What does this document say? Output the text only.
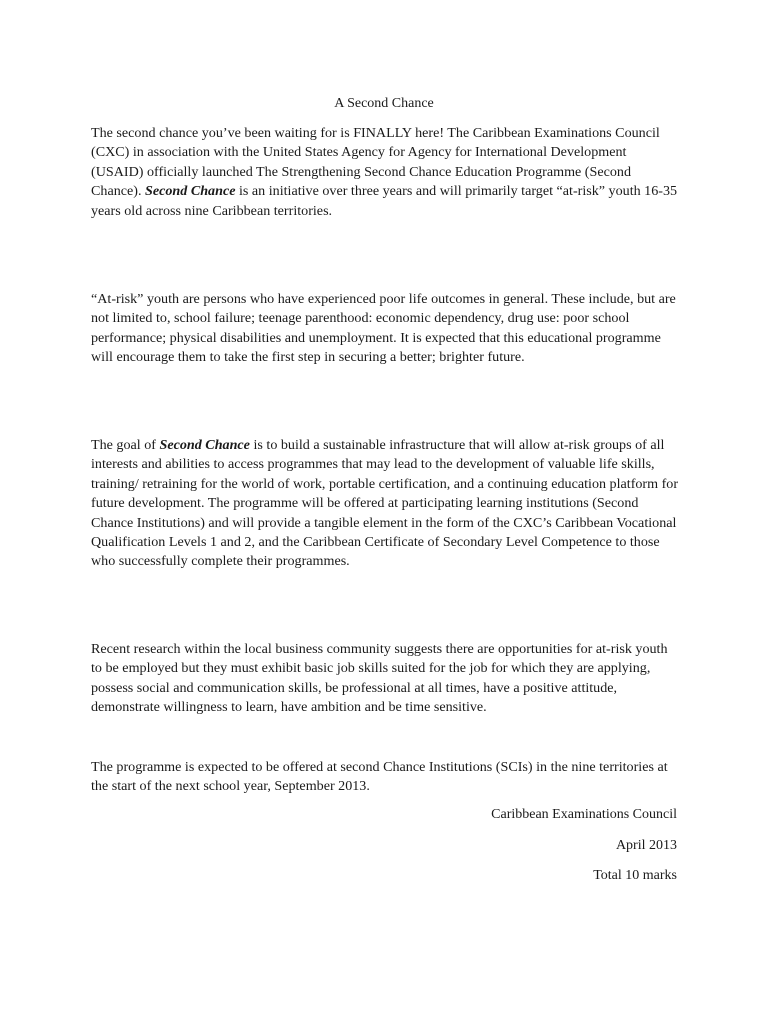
A Second Chance

The second chance you’ve been waiting for is FINALLY here! The Caribbean Examinations Council (CXC) in association with the United States Agency for Agency for International Development (USAID) officially launched The Strengthening Second Chance Education Programme (Second Chance). Second Chance is an initiative over three years and will primarily target “at-risk” youth 16-35 years old across nine Caribbean territories.

“At-risk” youth are persons who have experienced poor life outcomes in general. These include, but are not limited to, school failure; teenage parenthood: economic dependency, drug use: poor school performance; physical disabilities and unemployment. It is expected that this educational programme will encourage them to take the first step in securing a better; brighter future.

The goal of Second Chance is to build a sustainable infrastructure that will allow at-risk groups of all interests and abilities to access programmes that may lead to the development of valuable life skills, training/ retraining for the world of work, portable certification, and a continuing education platform for future development. The programme will be offered at participating learning institutions (Second Chance Institutions) and will provide a tangible element in the form of the CXC’s Caribbean Vocational Qualification Levels 1 and 2, and the Caribbean Certificate of Secondary Level Competence to those who successfully complete their programmes.

Recent research within the local business community suggests there are opportunities for at-risk youth to be employed but they must exhibit basic job skills suited for the job for which they are applying, possess social and communication skills, be professional at all times, have a positive attitude, demonstrate willingness to learn, have ambition and be time sensitive.

The programme is expected to be offered at second Chance Institutions (SCIs) in the nine territories at the start of the next school year, September 2013.

Caribbean Examinations Council

April 2013

Total 10 marks
